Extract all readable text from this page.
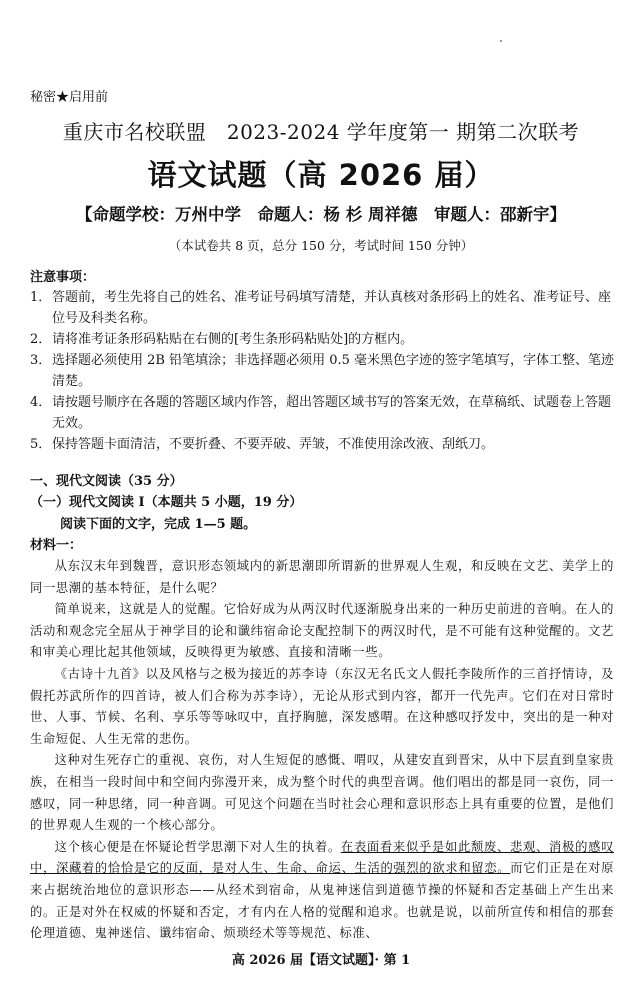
秘密★启用前
重庆市名校联盟　2023-2024 学年度第一 期第二次联考
语文试题（高 2026 届）
【命题学校：万州中学　命题人：杨 杉 周祥德　审题人：邵新宇】
（本试卷共 8 页，总分 150 分，考试时间 150 分钟）
注意事项：
1． 答题前，考生先将自己的姓名、准考证号码填写清楚，并认真核对条形码上的姓名、准考证号、座位号及科类名称。
2． 请将准考证条形码粘贴在右侧的[考生条形码粘贴处]的方框内。
3． 选择题必须使用 2B 铅笔填涂；非选择题必须用 0.5 毫米黑色字迹的签字笔填写，字体工整、笔迹清楚。
4． 请按题号顺序在各题的答题区域内作答，超出答题区域书写的答案无效，在草稿纸、试题卷上答题无效。
5． 保持答题卡面清洁，不要折叠、不要弄破、弄皱，不准使用涂改液、刮纸刀。
一、现代文阅读（35 分）
（一）现代文阅读 I（本题共 5 小题，19 分）
阅读下面的文字，完成 1—5 题。
材料一：

从东汉末年到魏晋，意识形态领域内的新思潮即所谓新的世界观人生观，和反映在文艺、美学上的同一思潮的基本特征，是什么呢？

简单说来，这就是人的觉醒。它恰好成为从两汉时代逐渐脱身出来的一种历史前进的音响。在人的活动和观念完全屈从于神学目的论和谶纬宿命论支配控制下的两汉时代，是不可能有这种觉醒的。文艺和审美心理比起其他领域，反映得更为敏感、直接和清晰一些。

《古诗十九首》以及风格与之极为接近的苏李诗（东汉无名氏文人假托李陵所作的三首抒情诗，及假托苏武所作的四首诗，被人们合称为苏李诗），无论从形式到内容，都开一代先声。它们在对日常时世、人事、节候、名利、享乐等等咏叹中，直抒胸臆，深发感喟。在这种感叹抒发中，突出的是一种对生命短促、人生无常的悲伤。

这种对生死存亡的重视、哀伤，对人生短促的感慨、喟叹，从建安直到晋宋，从中下层直到皇家贵族，在相当一段时间中和空间内弥漫开来，成为整个时代的典型音调。他们唱出的都是同一哀伤，同一感叹，同一种思绪，同一种音调。可见这个问题在当时社会心理和意识形态上具有重要的位置，是他们的世界观人生观的一个核心部分。

这个核心便是在怀疑论哲学思潮下对人生的执着。在表面看来似乎是如此颓废、悲观、消极的感叹中，深藏着的恰恰是它的反面，是对人生、生命、命运、生活的强烈的欲求和留恋。而它们正是在对原来占据统治地位的意识形态——从经术到宿命，从鬼神迷信到道德节操的怀疑和否定基础上产生出来的。正是对外在权威的怀疑和否定，才有内在人格的觉醒和追求。也就是说，以前所宣传和相信的那套伦理道德、鬼神迷信、谶纬宿命、烦琐经术等等规范、标准、

高 2026 届【语文试题】· 第 1
